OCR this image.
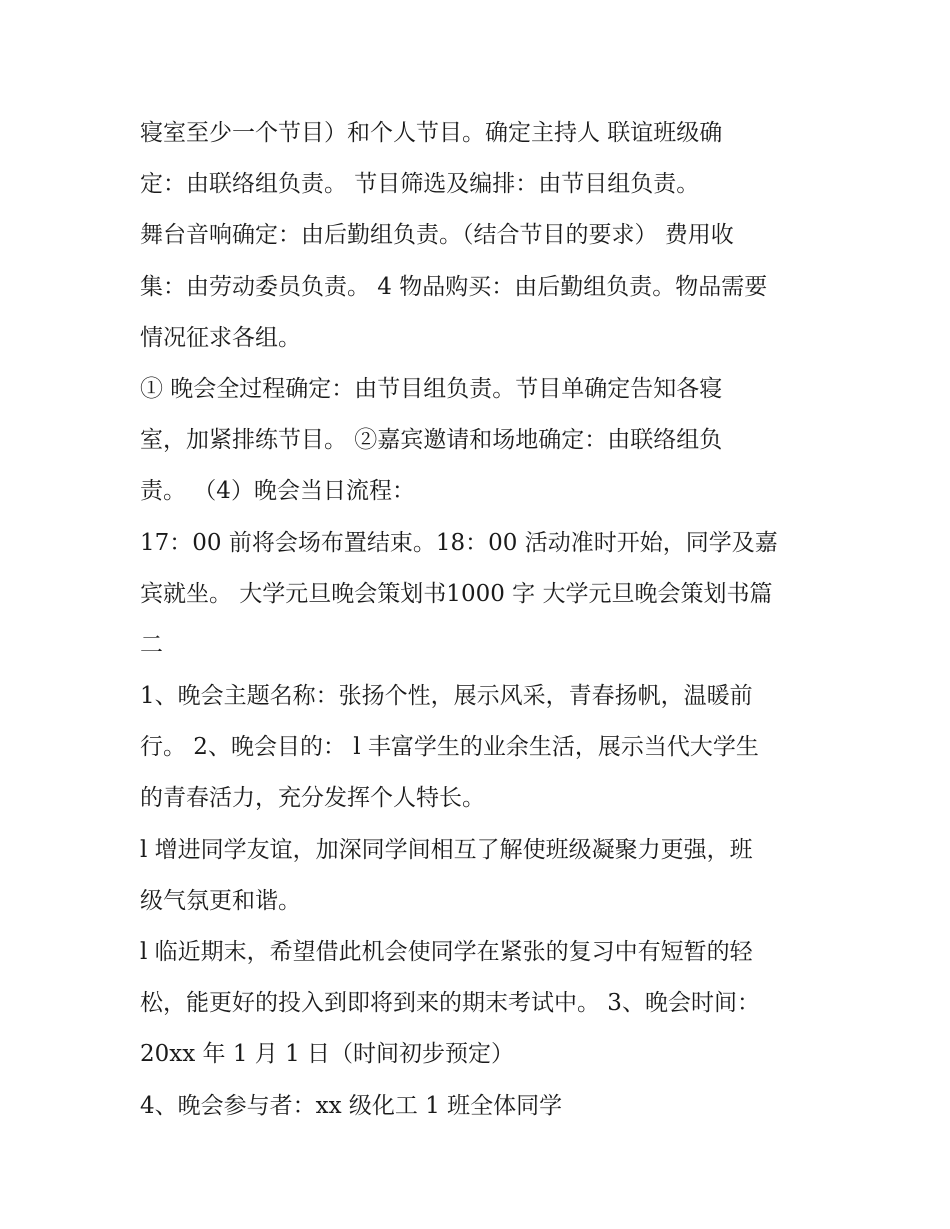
寝室至少一个节目）和个人节目。确定主持人 联谊班级确
定：由联络组负责。 节目筛选及编排：由节目组负责。
舞台音响确定：由后勤组负责。（结合节目的要求） 费用收
集：由劳动委员负责。 4 物品购买：由后勤组负责。物品需要
情况征求各组。
① 晚会全过程确定：由节目组负责。节目单确定告知各寝
室，加紧排练节目。 ②嘉宾邀请和场地确定：由联络组负
责。 （4）晚会当日流程：
17：00 前将会场布置结束。18：00 活动准时开始，同学及嘉
宾就坐。 大学元旦晚会策划书1000 字 大学元旦晚会策划书篇
二
1、晚会主题名称：张扬个性，展示风采，青春扬帆，温暖前
行。 2、晚会目的： l 丰富学生的业余生活，展示当代大学生
的青春活力，充分发挥个人特长。
l 增进同学友谊，加深同学间相互了解使班级凝聚力更强，班
级气氛更和谐。
l 临近期末，希望借此机会使同学在紧张的复习中有短暂的轻
松，能更好的投入到即将到来的期末考试中。 3、晚会时间：
20xx 年 1 月 1 日（时间初步预定）
4、晚会参与者：xx 级化工 1 班全体同学
